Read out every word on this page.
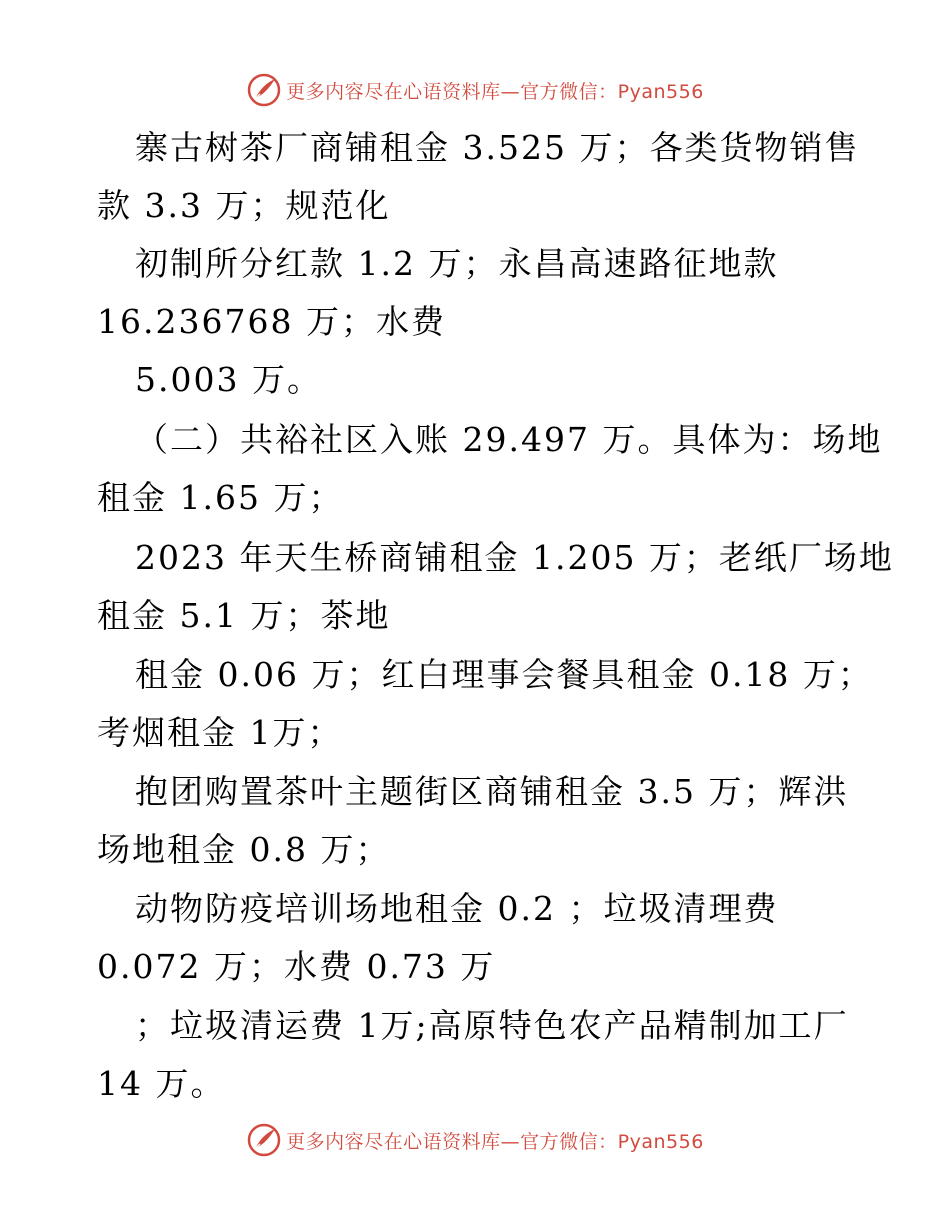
更多内容尽在心语资料库—官方微信：Pyan556
寨古树茶厂商铺租金 3.525 万；各类货物销售
款 3.3 万；规范化
初制所分红款 1.2 万；永昌高速路征地款
16.236768 万；水费
5.003 万。
（二）共裕社区入账 29.497 万。具体为：场地
租金 1.65 万；
2023 年天生桥商铺租金 1.205 万；老纸厂场地
租金 5.1 万；茶地
租金 0.06 万；红白理事会餐具租金 0.18 万；
考烟租金 1万；
抱团购置茶叶主题街区商铺租金 3.5 万；辉洪
场地租金 0.8 万；
动物防疫培训场地租金 0.2 ；垃圾清理费
0.072 万；水费 0.73 万
；垃圾清运费 1万;高原特色农产品精制加工厂
14 万。
更多内容尽在心语资料库—官方微信：Pyan556
